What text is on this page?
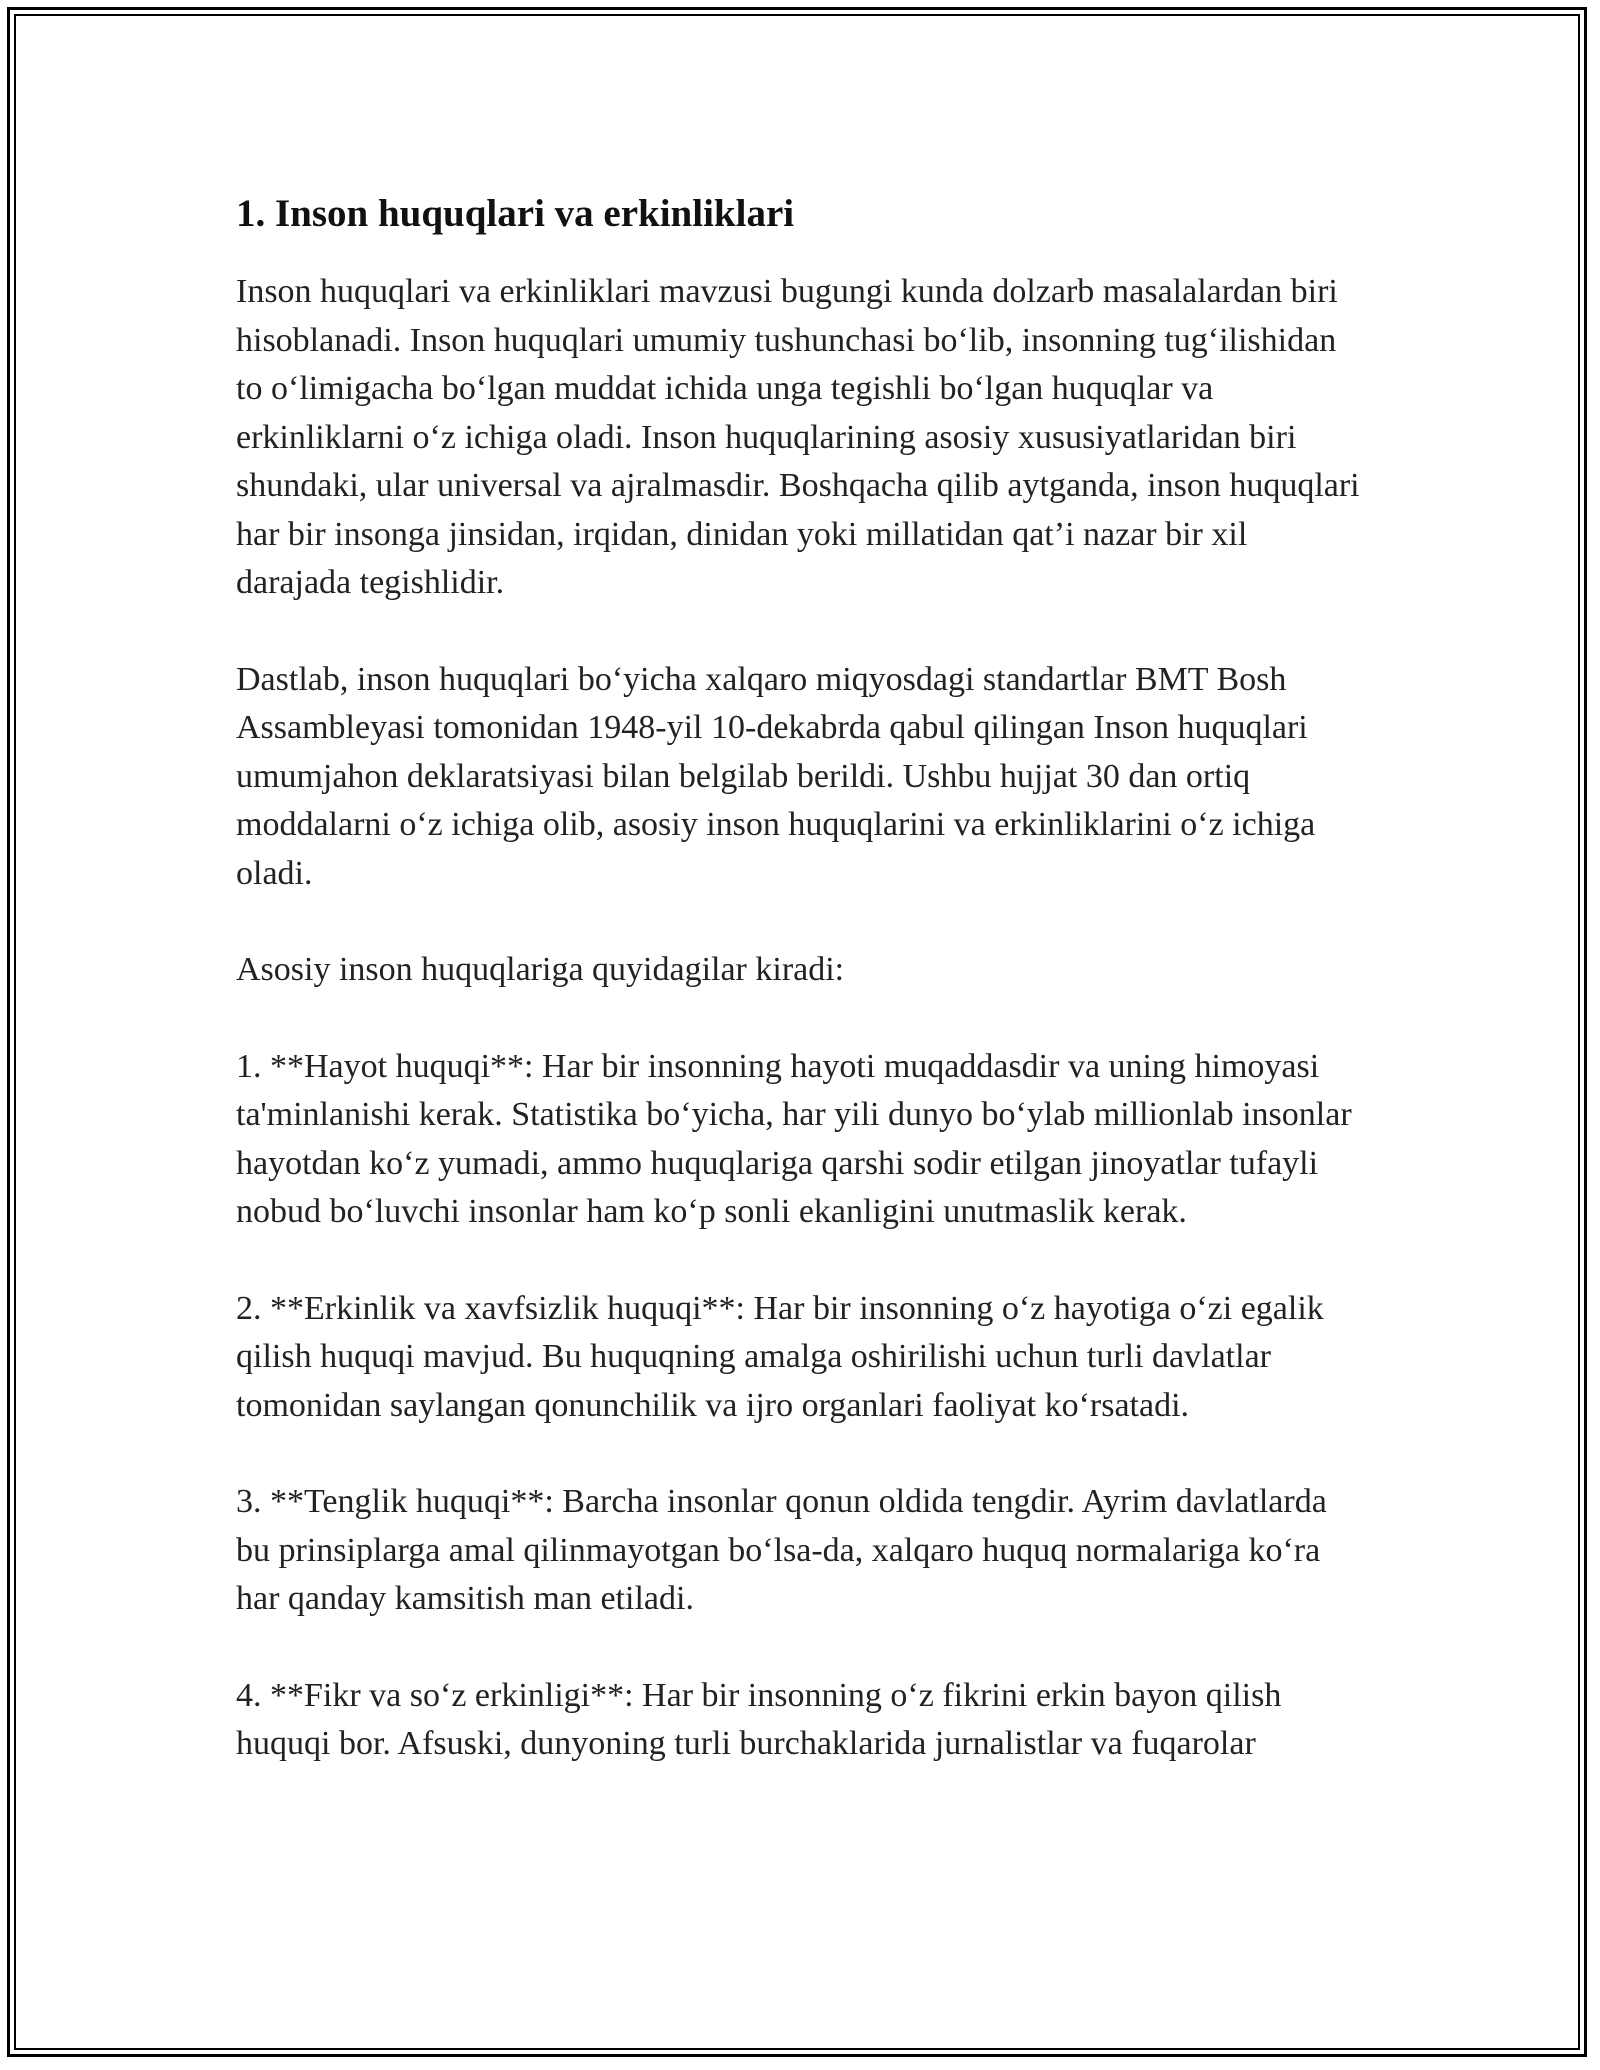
1. Inson huquqlari va erkinliklari

Inson huquqlari va erkinliklari mavzusi bugungi kunda dolzarb masalalardan biri hisoblanadi. Inson huquqlari umumiy tushunchasi bo‘lib, insonning tug‘ilishidan to o‘limigacha bo‘lgan muddat ichida unga tegishli bo‘lgan huquqlar va erkinliklarni o‘z ichiga oladi. Inson huquqlarining asosiy xususiyatlaridan biri shundaki, ular universal va ajralmasdir. Boshqacha qilib aytganda, inson huquqlari har bir insonga jinsidan, irqidan, dinidan yoki millatidan qat’i nazar bir xil darajada tegishlidir.

Dastlab, inson huquqlari bo‘yicha xalqaro miqyosdagi standartlar BMT Bosh Assambleyasi tomonidan 1948-yil 10-dekabrda qabul qilingan Inson huquqlari umumjahon deklaratsiyasi bilan belgilab berildi. Ushbu hujjat 30 dan ortiq moddalarni o‘z ichiga olib, asosiy inson huquqlarini va erkinliklarini o‘z ichiga oladi.

Asosiy inson huquqlariga quyidagilar kiradi:

1. **Hayot huquqi**: Har bir insonning hayoti muqaddasdir va uning himoyasi ta'minlanishi kerak. Statistika bo‘yicha, har yili dunyo bo‘ylab millionlab insonlar hayotdan ko‘z yumadi, ammo huquqlariga qarshi sodir etilgan jinoyatlar tufayli nobud bo‘luvchi insonlar ham ko‘p sonli ekanligini unutmaslik kerak.

2. **Erkinlik va xavfsizlik huquqi**: Har bir insonning o‘z hayotiga o‘zi egalik qilish huquqi mavjud. Bu huquqning amalga oshirilishi uchun turli davlatlar tomonidan saylangan qonunchilik va ijro organlari faoliyat ko‘rsatadi.

3. **Tenglik huquqi**: Barcha insonlar qonun oldida tengdir. Ayrim davlatlarda bu prinsiplarga amal qilinmayotgan bo‘lsa-da, xalqaro huquq normalariga ko‘ra har qanday kamsitish man etiladi.

4. **Fikr va so‘z erkinligi**: Har bir insonning o‘z fikrini erkin bayon qilish huquqi bor. Afsuski, dunyoning turli burchaklarida jurnalistlar va fuqarolar
